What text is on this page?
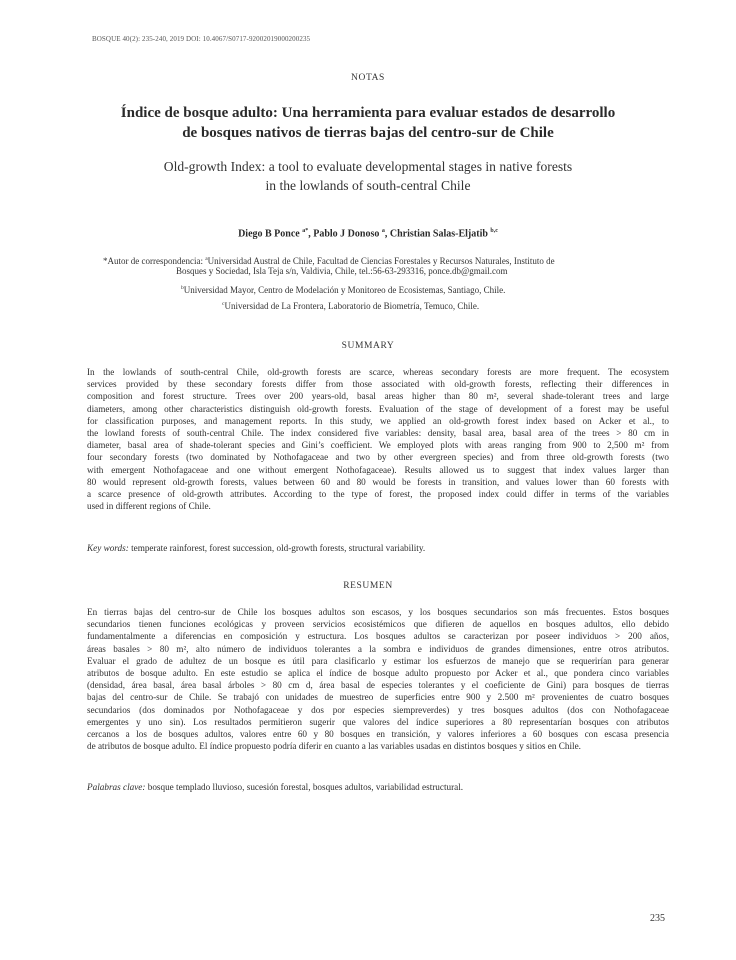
BOSQUE 40(2): 235-240, 2019 DOI: 10.4067/S0717-92002019000200235
NOTAS
Índice de bosque adulto: Una herramienta para evaluar estados de desarrollo
de bosques nativos de tierras bajas del centro-sur de Chile
Old-growth Index: a tool to evaluate developmental stages in native forests
in the lowlands of south-central Chile
Diego B Ponce $^{a*}$, Pablo J Donoso $^a$, Christian Salas-Eljatib $^{b,c}$
*Autor de correspondencia: $^a$Universidad Austral de Chile, Facultad de Ciencias Forestales y Recursos Naturales, Instituto de
Bosques y Sociedad, Isla Teja s/n, Valdivia, Chile, tel.:56-63-293316, ponce.db@gmail.com
$^b$Universidad Mayor, Centro de Modelación y Monitoreo de Ecosistemas, Santiago, Chile.
$^c$Universidad de La Frontera, Laboratorio de Biometría, Temuco, Chile.
SUMMARY
In the lowlands of south-central Chile, old-growth forests are scarce, whereas secondary forests are more frequent. The ecosystem
services provided by these secondary forests differ from those associated with old-growth forests, reflecting their differences in
composition and forest structure. Trees over 200 years-old, basal areas higher than 80 m², several shade-tolerant trees and large
diameters, among other characteristics distinguish old-growth forests. Evaluation of the stage of development of a forest may be useful
for classification purposes, and management reports. In this study, we applied an old-growth forest index based on Acker et al., to
the lowland forests of south-central Chile. The index considered five variables: density, basal area, basal area of the trees > 80 cm in
diameter, basal area of shade-tolerant species and Gini’s coefficient. We employed plots with areas ranging from 900 to 2,500 m² from
four secondary forests (two dominated by Nothofagaceae and two by other evergreen species) and from three old-growth forests (two
with emergent Nothofagaceae and one without emergent Nothofagaceae). Results allowed us to suggest that index values larger than
80 would represent old-growth forests, values between 60 and 80 would be forests in transition, and values lower than 60 forests with
a scarce presence of old-growth attributes. According to the type of forest, the proposed index could differ in terms of the variables
used in different regions of Chile.
Key words: temperate rainforest, forest succession, old-growth forests, structural variability.
RESUMEN
En tierras bajas del centro-sur de Chile los bosques adultos son escasos, y los bosques secundarios son más frecuentes. Estos bosques
secundarios tienen funciones ecológicas y proveen servicios ecosistémicos que difieren de aquellos en bosques adultos, ello debido
fundamentalmente a diferencias en composición y estructura. Los bosques adultos se caracterizan por poseer individuos > 200 años,
áreas basales > 80 m², alto número de individuos tolerantes a la sombra e individuos de grandes dimensiones, entre otros atributos.
Evaluar el grado de adultez de un bosque es útil para clasificarlo y estimar los esfuerzos de manejo que se requerirían para generar
atributos de bosque adulto. En este estudio se aplica el índice de bosque adulto propuesto por Acker et al., que pondera cinco variables
(densidad, área basal, área basal árboles > 80 cm d, área basal de especies tolerantes y el coeficiente de Gini) para bosques de tierras
bajas del centro-sur de Chile. Se trabajó con unidades de muestreo de superficies entre 900 y 2.500 m² provenientes de cuatro bosques
secundarios (dos dominados por Nothofagaceae y dos por especies siempreverdes) y tres bosques adultos (dos con Nothofagaceae
emergentes y uno sin). Los resultados permitieron sugerir que valores del índice superiores a 80 representarían bosques con atributos
cercanos a los de bosques adultos, valores entre 60 y 80 bosques en transición, y valores inferiores a 60 bosques con escasa presencia
de atributos de bosque adulto. El índice propuesto podría diferir en cuanto a las variables usadas en distintos bosques y sitios en Chile.
Palabras clave: bosque templado lluvioso, sucesión forestal, bosques adultos, variabilidad estructural.
235
